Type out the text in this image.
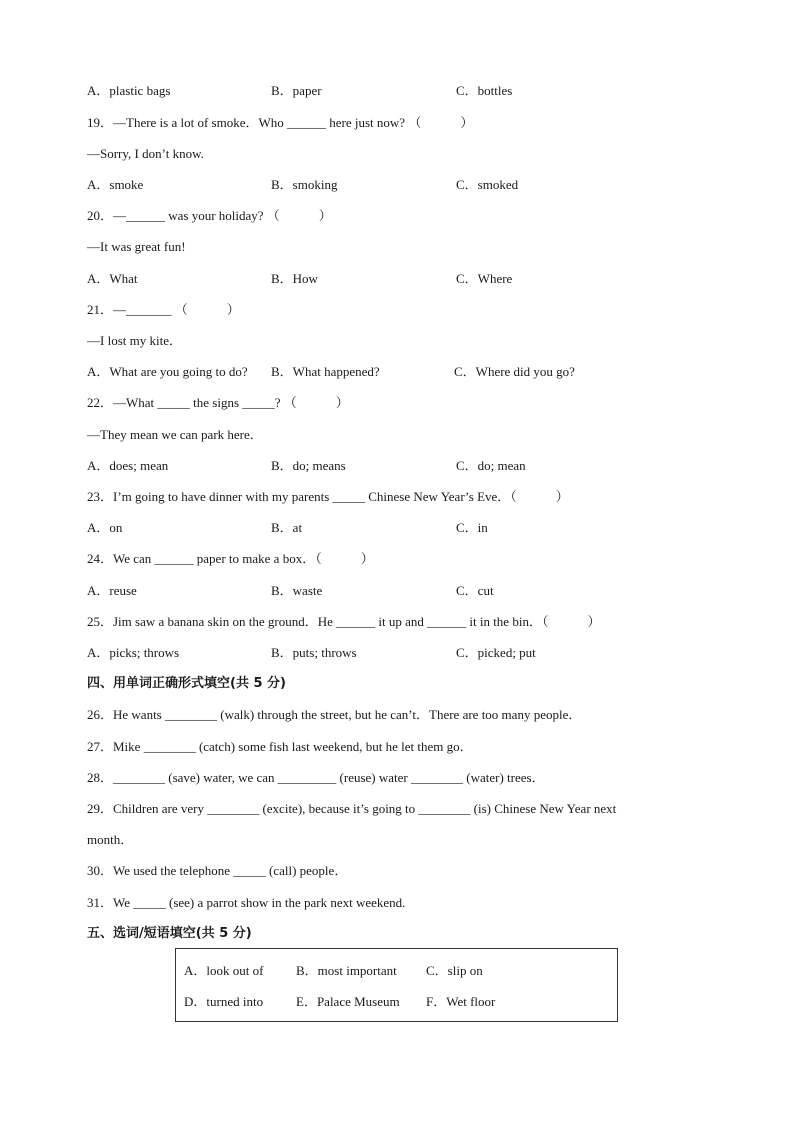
A．plastic bags	B．paper	C．bottles
19．—There is a lot of smoke．Who ______ here just now? （　　　）
—Sorry, I don’t know.
A．smoke	B．smoking	C．smoked
20．—______ was your holiday? （　　　）
—It was great fun!
A．What	B．How	C．Where
21．—_______ （　　　）
—I lost my kite．
A．What are you going to do? B．What happened?	C．Where did you go?
22．—What _____ the signs _____? （　　　）
—They mean we can park here．
A．does; mean	B．do; means	C．do; mean
23．I’m going to have dinner with my parents _____ Chinese New Year’s Eve．（　　　）
A．on	B．at	C．in
24．We can ______ paper to make a box．（　　　）
A．reuse	B．waste	C．cut
25．Jim saw a banana skin on the ground．He ______ it up and ______ it in the bin．（　　　）
A．picks; throws	B．puts; throws	C．picked; put
四、用单词正确形式填空(共 5 分)
26．He wants ________ (walk) through the street, but he can’t．There are too many people．
27．Mike ________ (catch) some fish last weekend, but he let them go．
28．________ (save) water, we can _________ (reuse) water ________ (water) trees．
29．Children are very ________ (excite), because it’s going to ________ (is) Chinese New Year next
month．
30．We used the telephone _____ (call) people．
31．We _____ (see) a parrot show in the park next weekend.
五、选词/短语填空(共 5 分)
A．look out of	B．most important C．slip on
D．turned into	E．Palace Museum F．Wet floor
